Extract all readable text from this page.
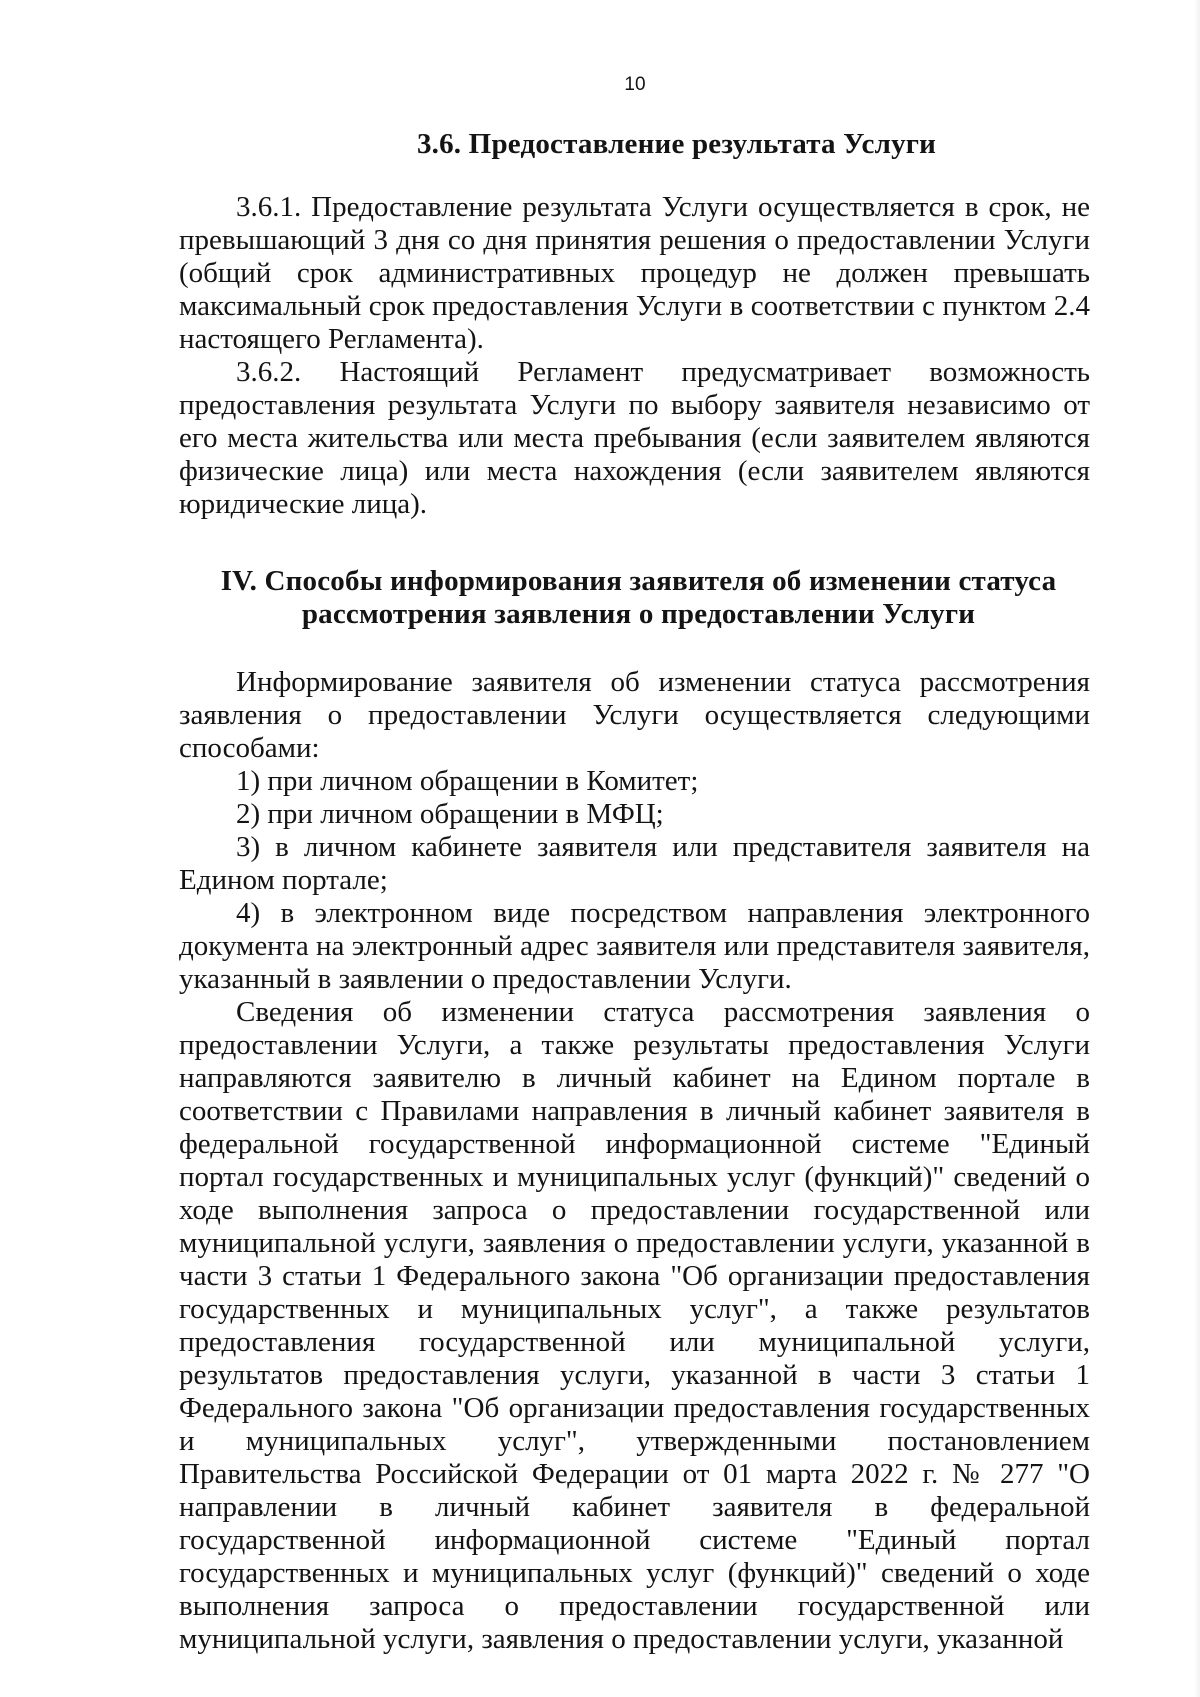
10

3.6. Предоставление результата Услуги

3.6.1. Предоставление результата Услуги осуществляется в срок, не превышающий 3 дня со дня принятия решения о предоставлении Услуги (общий срок административных процедур не должен превышать максимальный срок предоставления Услуги в соответствии с пунктом 2.4 настоящего Регламента).

3.6.2. Настоящий Регламент предусматривает возможность предоставления результата Услуги по выбору заявителя независимо от его места жительства или места пребывания (если заявителем являются физические лица) или места нахождения (если заявителем являются юридические лица).

IV. Способы информирования заявителя об изменении статуса
рассмотрения заявления о предоставлении Услуги

Информирование заявителя об изменении статуса рассмотрения заявления о предоставлении Услуги осуществляется следующими способами:

1) при личном обращении в Комитет;

2) при личном обращении в МФЦ;

3) в личном кабинете заявителя или представителя заявителя на Едином портале;

4) в электронном виде посредством направления электронного документа на электронный адрес заявителя или представителя заявителя, указанный в заявлении о предоставлении Услуги.

Сведения об изменении статуса рассмотрения заявления о предоставлении Услуги, а также результаты предоставления Услуги направляются заявителю в личный кабинет на Едином портале в соответствии с Правилами направления в личный кабинет заявителя в федеральной государственной информационной системе "Единый портал государственных и муниципальных услуг (функций)" сведений о ходе выполнения запроса о предоставлении государственной или муниципальной услуги, заявления о предоставлении услуги, указанной в части 3 статьи 1 Федерального закона "Об организации предоставления государственных и муниципальных услуг", а также результатов предоставления государственной или муниципальной услуги, результатов предоставления услуги, указанной в части 3 статьи 1 Федерального закона "Об организации предоставления государственных и муниципальных услуг", утвержденными постановлением Правительства Российской Федерации от 01 марта 2022 г. № 277 "О направлении в личный кабинет заявителя в федеральной государственной информационной системе "Единый портал государственных и муниципальных услуг (функций)" сведений о ходе выполнения запроса о предоставлении государственной или муниципальной услуги, заявления о предоставлении услуги, указанной
